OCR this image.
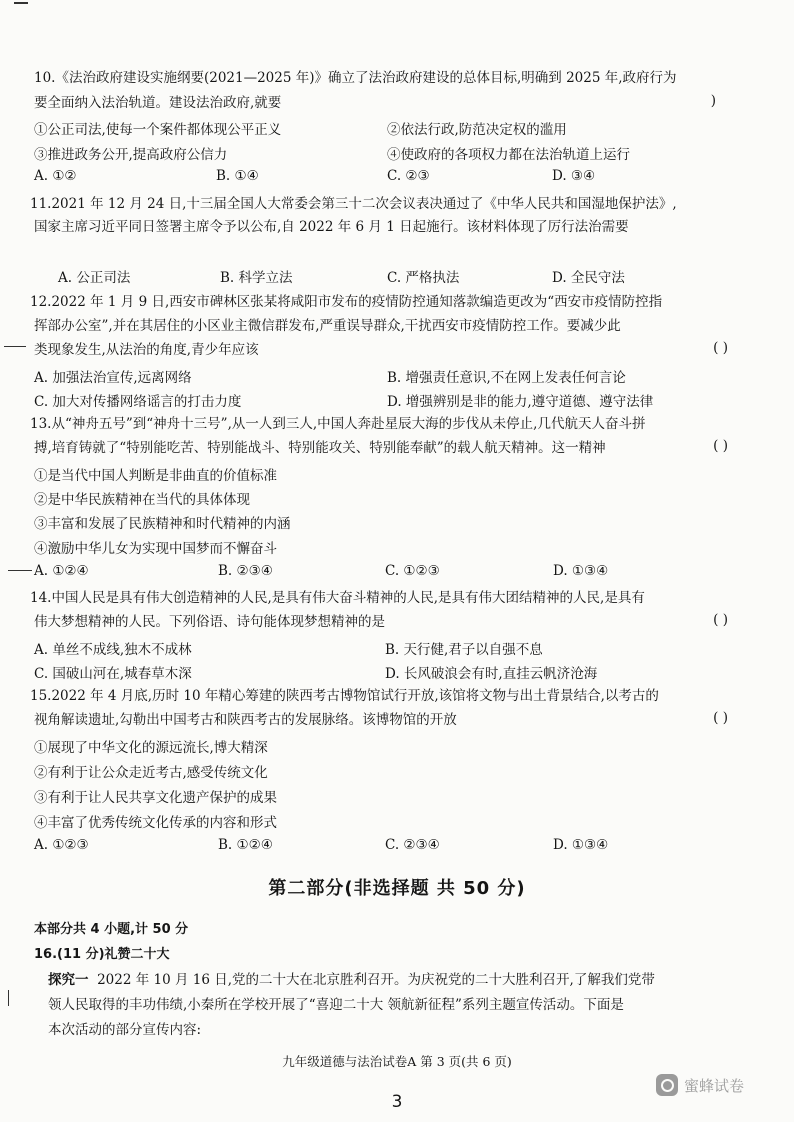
10.《法治政府建设实施纲要(2021—2025 年)》确立了法治政府建设的总体目标,明确到 2025 年,政府行为
要全面纳入法治轨道。建设法治政府,就要	)
①公正司法,使每一个案件都体现公平正义	②依法行政,防范决定权的滥用
③推进政务公开,提高政府公信力	④使政府的各项权力都在法治轨道上运行
A. ①②	B. ①④	C. ②③	D. ③④
11.2021 年 12 月 24 日,十三届全国人大常委会第三十二次会议表决通过了《中华人民共和国湿地保护法》,
国家主席习近平同日签署主席令予以公布,自 2022 年 6 月 1 日起施行。该材料体现了厉行法治需要
A. 公正司法	B. 科学立法	C. 严格执法	D. 全民守法
12.2022 年 1 月 9 日,西安市碑林区张某将咸阳市发布的疫情防控通知落款编造更改为“西安市疫情防控指
挥部办公室”,并在其居住的小区业主微信群发布,严重误导群众,干扰西安市疫情防控工作。要减少此
类现象发生,从法治的角度,青少年应该	( )
A. 加强法治宣传,远离网络	B. 增强责任意识,不在网上发表任何言论
C. 加大对传播网络谣言的打击力度	D. 增强辨别是非的能力,遵守道德、遵守法律
13.从“神舟五号”到“神舟十三号”,从一人到三人,中国人奔赴星辰大海的步伐从未停止,几代航天人奋斗拼
搏,培育铸就了“特别能吃苦、特别能战斗、特别能攻关、特别能奉献”的载人航天精神。这一精神	( )
①是当代中国人判断是非曲直的价值标准
②是中华民族精神在当代的具体体现
③丰富和发展了民族精神和时代精神的内涵
④激励中华儿女为实现中国梦而不懈奋斗
A. ①②④	B. ②③④	C. ①②③	D. ①③④
14.中国人民是具有伟大创造精神的人民,是具有伟大奋斗精神的人民,是具有伟大团结精神的人民,是具有
伟大梦想精神的人民。下列俗语、诗句能体现梦想精神的是	( )
A. 单丝不成线,独木不成林	B. 天行健,君子以自强不息
C. 国破山河在,城春草木深	D. 长风破浪会有时,直挂云帆济沧海
15.2022 年 4 月底,历时 10 年精心筹建的陕西考古博物馆试行开放,该馆将文物与出土背景结合,以考古的
视角解读遗址,勾勒出中国考古和陕西考古的发展脉络。该博物馆的开放	( )
①展现了中华文化的源远流长,博大精深
②有利于让公众走近考古,感受传统文化
③有利于让人民共享文化遗产保护的成果
④丰富了优秀传统文化传承的内容和形式
A. ①②③	B. ①②④	C. ②③④	D. ①③④
第二部分(非选择题 共 50 分)
本部分共 4 小题,计 50 分
16.(11 分)礼赞二十大
探究一 2022 年 10 月 16 日,党的二十大在北京胜利召开。为庆祝党的二十大胜利召开,了解我们党带
领人民取得的丰功伟绩,小秦所在学校开展了“喜迎二十大 领航新征程”系列主题宣传活动。下面是
本次活动的部分宣传内容:
九年级道德与法治试卷A 第 3 页(共 6 页)
3
蜜蜂试卷
